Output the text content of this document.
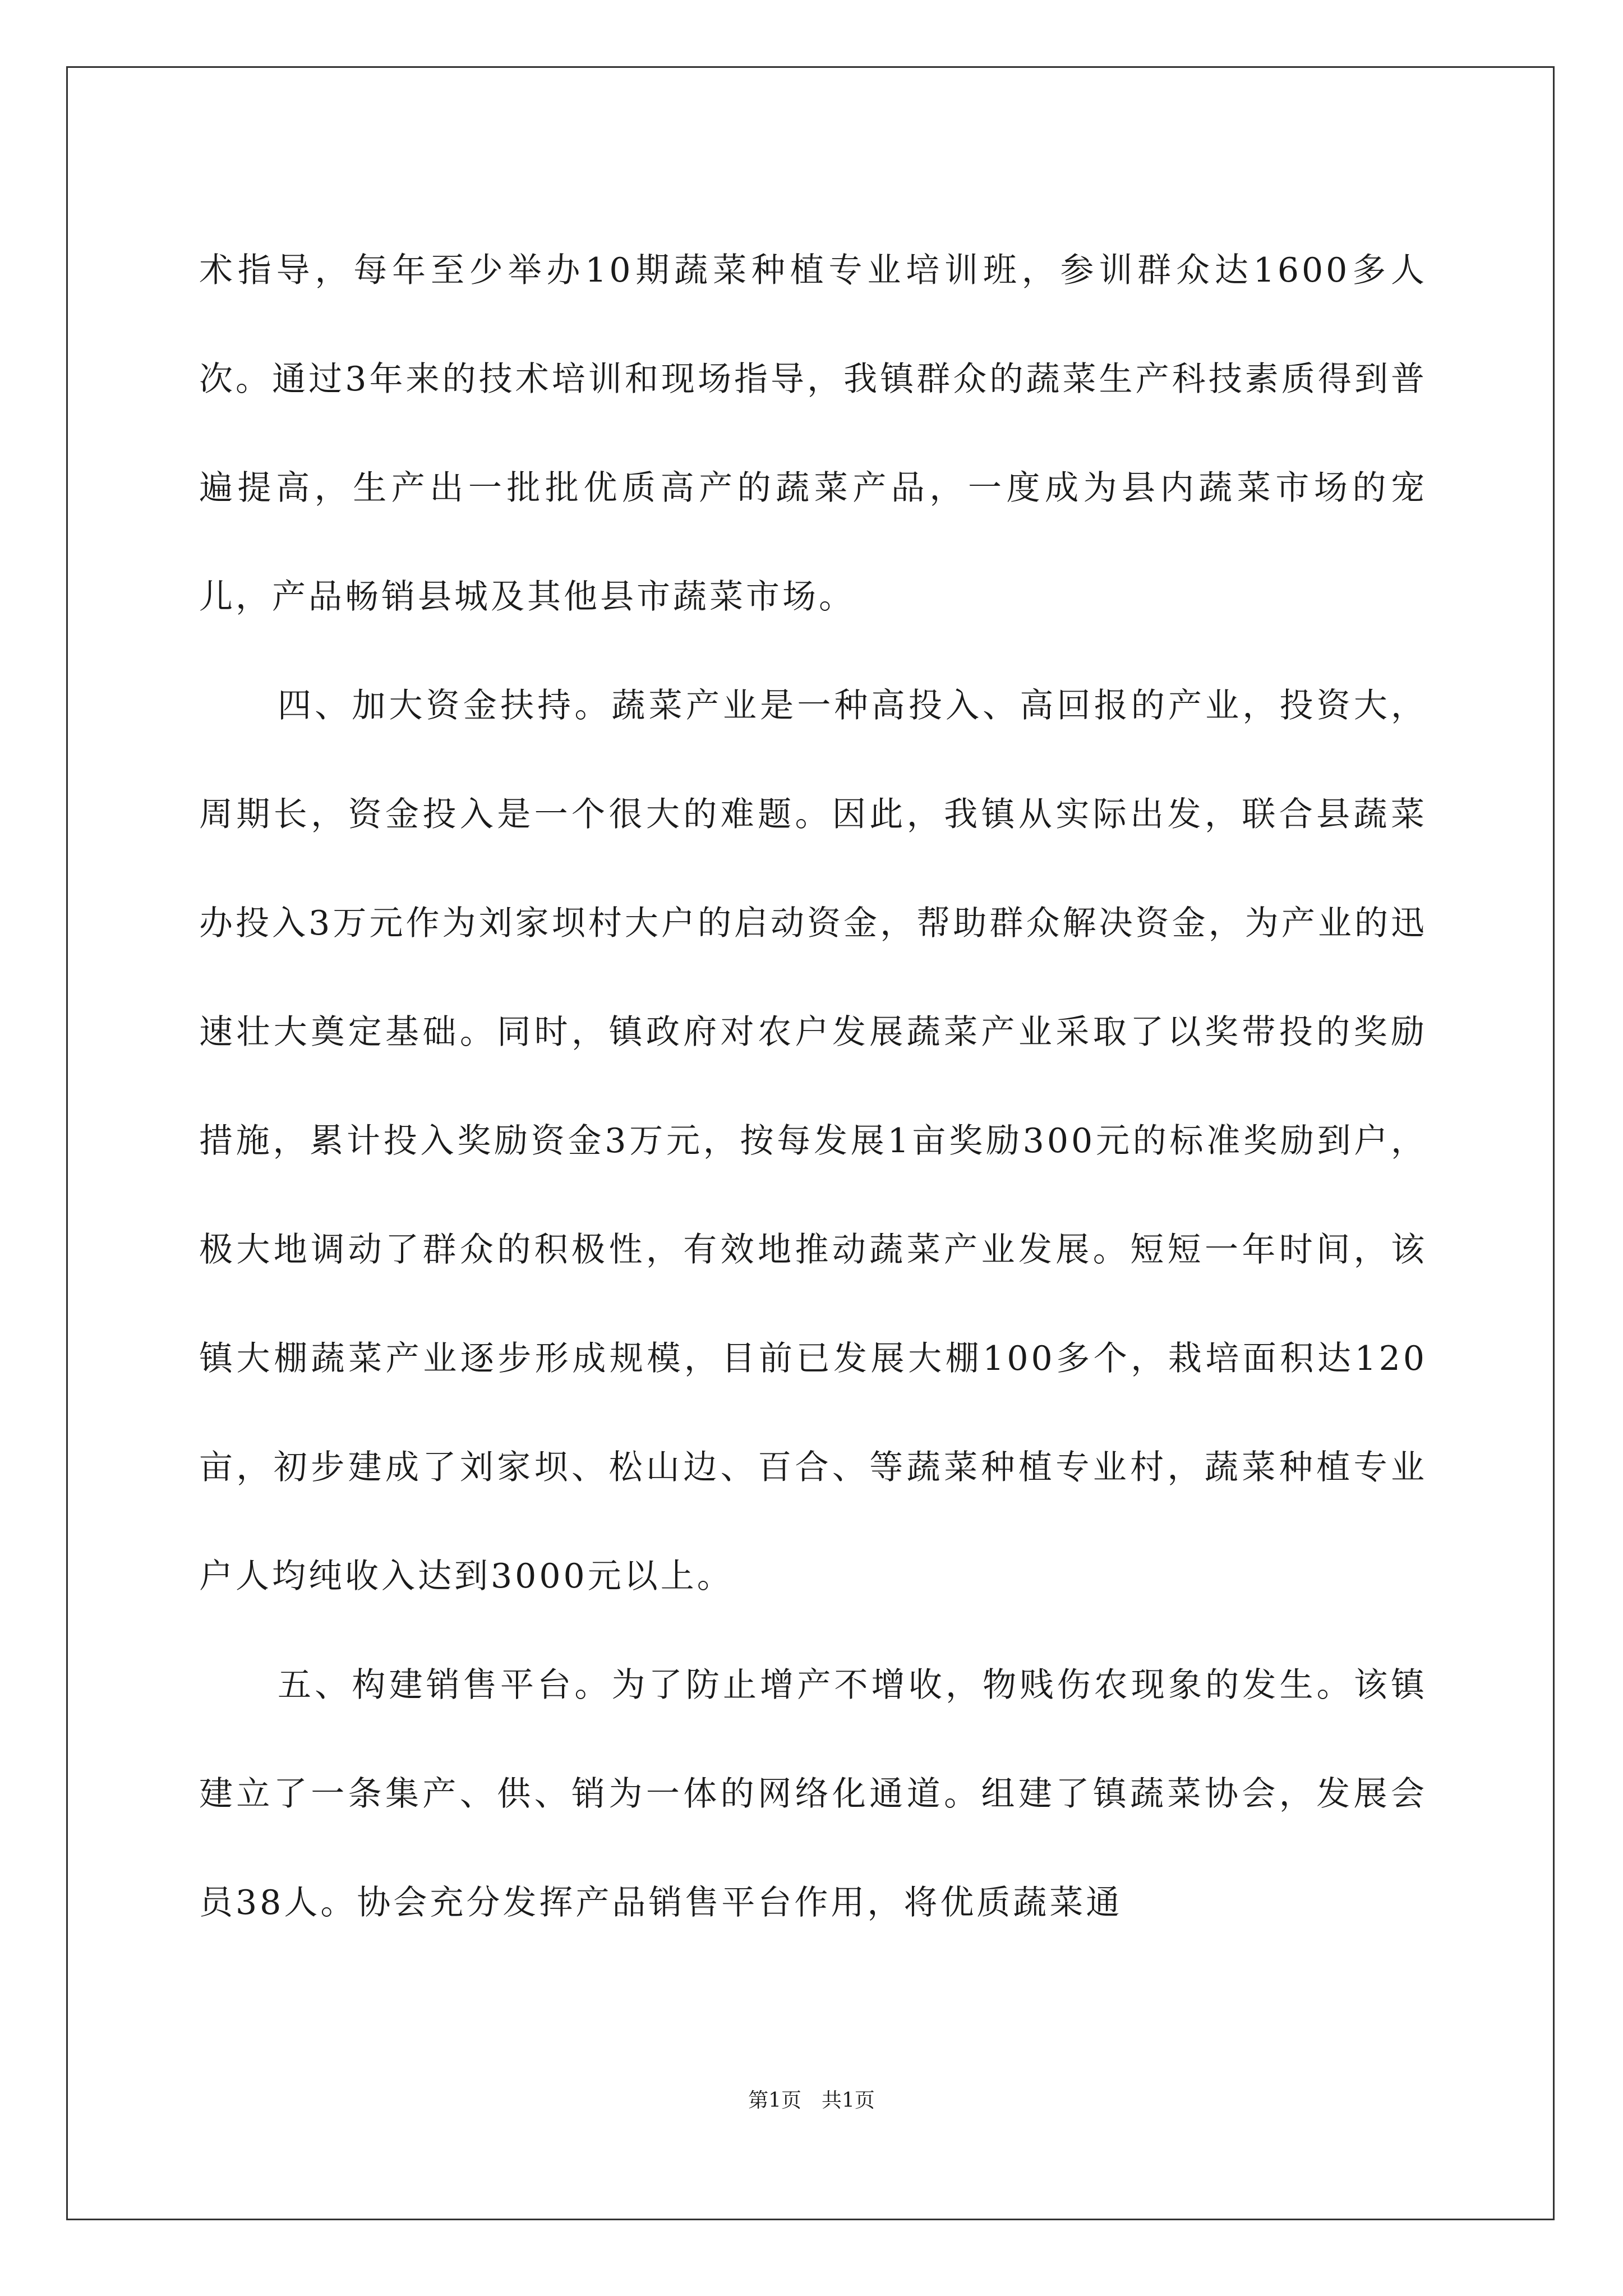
术指导，每年至少举办10期蔬菜种植专业培训班，参训群众达1600多人次。通过3年来的技术培训和现场指导，我镇群众的蔬菜生产科技素质得到普遍提高，生产出一批批优质高产的蔬菜产品，一度成为县内蔬菜市场的宠儿，产品畅销县城及其他县市蔬菜市场。

四、加大资金扶持。蔬菜产业是一种高投入、高回报的产业，投资大，周期长，资金投入是一个很大的难题。因此，我镇从实际出发，联合县蔬菜办投入3万元作为刘家坝村大户的启动资金，帮助群众解决资金，为产业的迅速壮大奠定基础。同时，镇政府对农户发展蔬菜产业采取了以奖带投的奖励措施，累计投入奖励资金3万元，按每发展1亩奖励300元的标准奖励到户，极大地调动了群众的积极性，有效地推动蔬菜产业发展。短短一年时间，该镇大棚蔬菜产业逐步形成规模，目前已发展大棚100多个，栽培面积达120亩，初步建成了刘家坝、松山边、百合、等蔬菜种植专业村，蔬菜种植专业户人均纯收入达到3000元以上。

五、构建销售平台。为了防止增产不增收，物贱伤农现象的发生。该镇建立了一条集产、供、销为一体的网络化通道。组建了镇蔬菜协会，发展会员38人。协会充分发挥产品销售平台作用，将优质蔬菜通

第1页　共1页
